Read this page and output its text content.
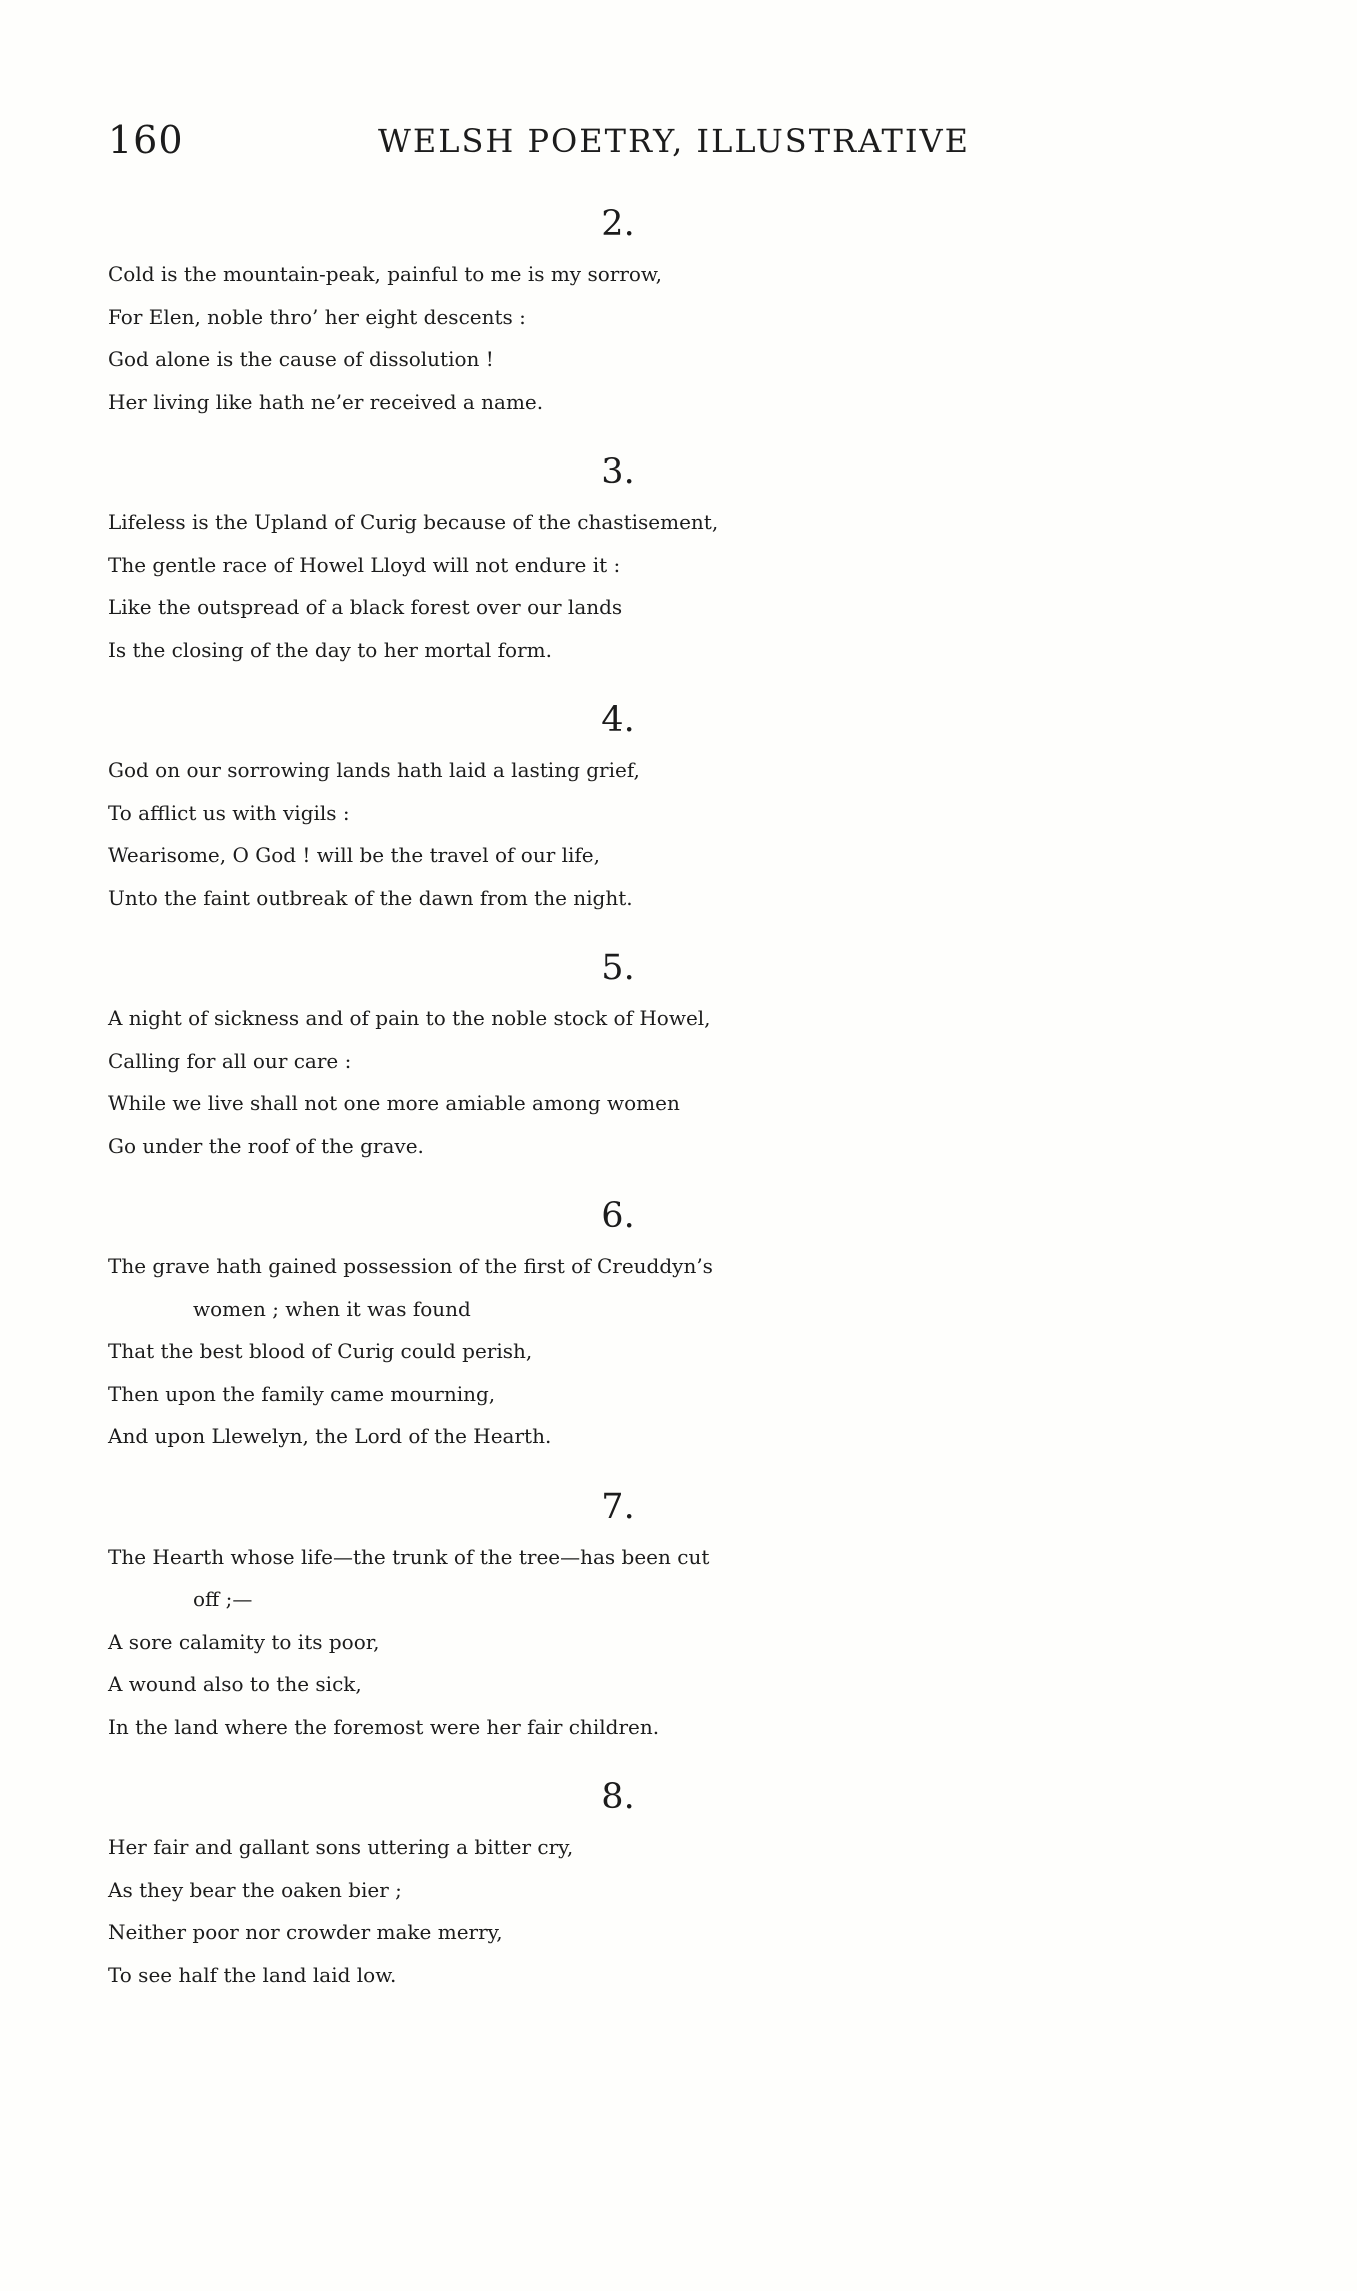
160	WELSH POETRY, ILLUSTRATIVE
2.
Cold is the mountain-peak, painful to me is my sorrow,
For Elen, noble thro’ her eight descents :
God alone is the cause of dissolution !
Her living like hath ne’er received a name.
3.
Lifeless is the Upland of Curig because of the chastisement,
The gentle race of Howel Lloyd will not endure it :
Like the outspread of a black forest over our lands
Is the closing of the day to her mortal form.
4.
God on our sorrowing lands hath laid a lasting grief,
To afflict us with vigils :
Wearisome, O God ! will be the travel of our life,
Unto the faint outbreak of the dawn from the night.
5.
A night of sickness and of pain to the noble stock of Howel,
Calling for all our care :
While we live shall not one more amiable among women
Go under the roof of the grave.
6.
The grave hath gained possession of the first of Creuddyn’s
women ; when it was found
That the best blood of Curig could perish,
Then upon the family came mourning,
And upon Llewelyn, the Lord of the Hearth.
7.
The Hearth whose life—the trunk of the tree—has been cut
off ;—
A sore calamity to its poor,
A wound also to the sick,
In the land where the foremost were her fair children.
8.
Her fair and gallant sons uttering a bitter cry,
As they bear the oaken bier ;
Neither poor nor crowder make merry,
To see half the land laid low.
